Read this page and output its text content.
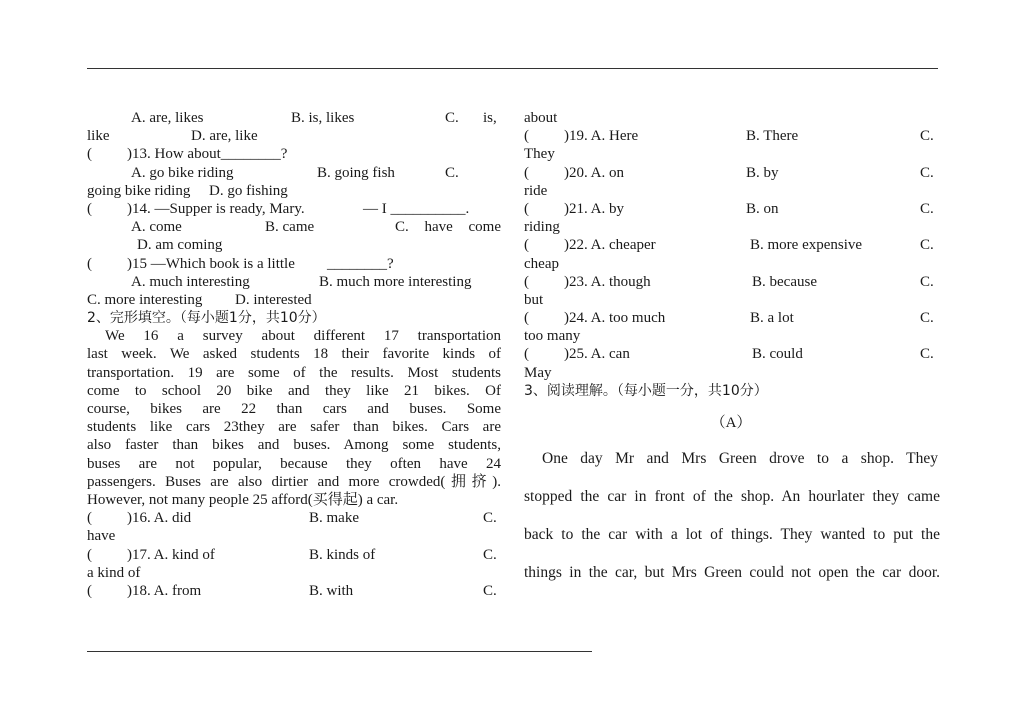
A. are, likes	B. is, likes	C. is,
like	D. are, like
( )13. How about________?
A. go bike riding	B. going fish	C.
going bike riding D. go fishing
( )14. —Supper is ready, Mary.	— I __________.
A. come	B. came	C. have come
D. am coming
( )15 —Which book is a little ________?
A. much interesting	B. much more interesting
C. more interesting D. interested
2、完形填空。（每小题1分，共10分）
We 16 a survey about different 17 transportation
last week. We asked students 18 their favorite kinds of
transportation. 19 are some of the results. Most students
come to school 20 bike and they like 21 bikes. Of
course, bikes are 22 than cars and buses. Some
students like cars 23they are safer than bikes. Cars are
also faster than bikes and buses. Among some students,
buses are not popular, because they often have 24
passengers. Buses are also dirtier and more crowded(拥挤).
However, not many people 25 afford(买得起) a car.
( )16. A. did	B. make	C.
have
( )17. A. kind of	B. kinds of	C.
a kind of
( )18. A. from	B. with	C.
about
( )19. A. Here	B. There	C.
They
( )20. A. on	B. by	C.
ride
( )21. A. by	B. on	C.
riding
( )22. A. cheaper	B. more expensive	C.
cheap
( )23. A. though	B. because	C.
but
( )24. A. too much	B. a lot	C.
too many
( )25. A. can	B. could	C.
May
3、阅读理解。（每小题一分，共10分）
（A）
One day Mr and Mrs Green drove to a shop. They
stopped the car in front of the shop. An hourlater they came
back to the car with a lot of things. They wanted to put the
things in the car, but Mrs Green could not open the car door.
